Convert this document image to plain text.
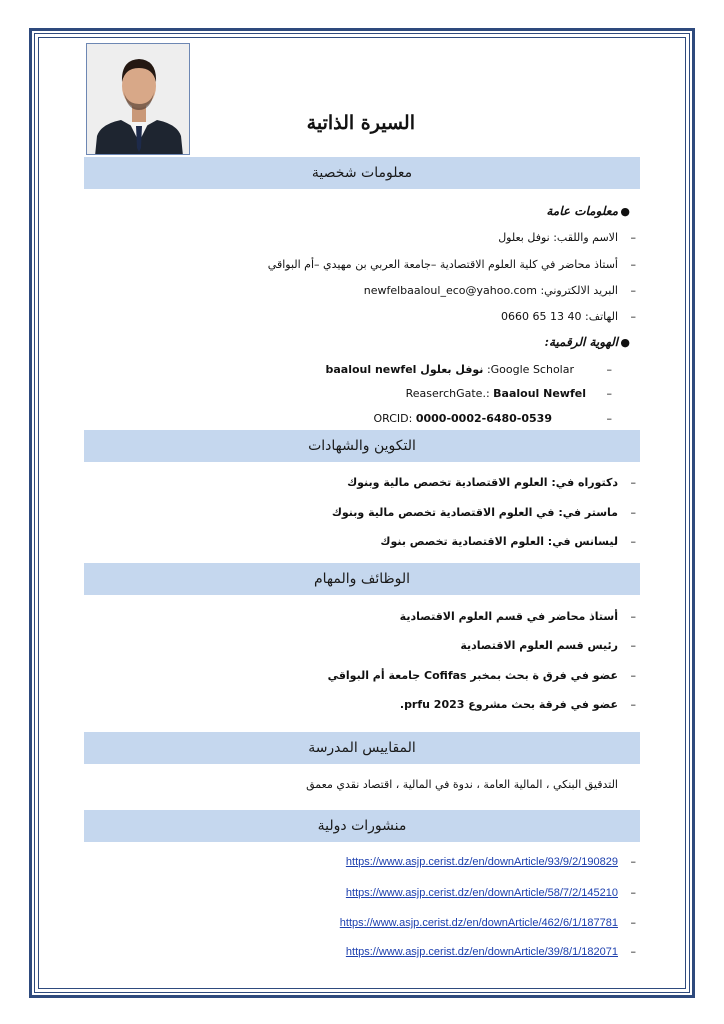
السيرة الذاتية
معلومات شخصية
●
معلومات عامة
–
الاسم واللقب: نوفل بعلول
–
أستاذ محاضر في كلية العلوم الاقتصادية –جامعة العربي بن مهيدي –أم البواقي
–
البريد الالكتروني: newfelbaaloul_eco@yahoo.com
–
الهاتف: 0660 65 13 40
●
الهوية الرقمية:
–
Google Scholar: نوفل بعلول baaloul newfel
–
ReaserchGate.: Baaloul Newfel
–
ORCID: 0000-0002-6480-0539
التكوين والشهادات
–
دكتوراه في: العلوم الاقتصادية تخصص مالية وبنوك
–
ماستر في: في العلوم الاقتصادية تخصص مالية وبنوك
–
ليسانس في: العلوم الاقتصادية تخصص بنوك
الوظائف والمهام
–
أستاذ محاضر في قسم العلوم الاقتصادية
–
رئيس قسم العلوم الاقتصادية
–
عضو في فرق ة بحث بمخبر Cofifas جامعة أم البواقي
–
عضو في فرقة بحث مشروع prfu 2023.
المقاييس المدرسة
التدقيق البنكي ، المالية العامة ، ندوة في المالية ، اقتصاد نقدي معمق
منشورات دولية
–
https://www.asjp.cerist.dz/en/downArticle/93/9/2/190829
–
https://www.asjp.cerist.dz/en/downArticle/58/7/2/145210
–
https://www.asjp.cerist.dz/en/downArticle/462/6/1/187781
–
https://www.asjp.cerist.dz/en/downArticle/39/8/1/182071
